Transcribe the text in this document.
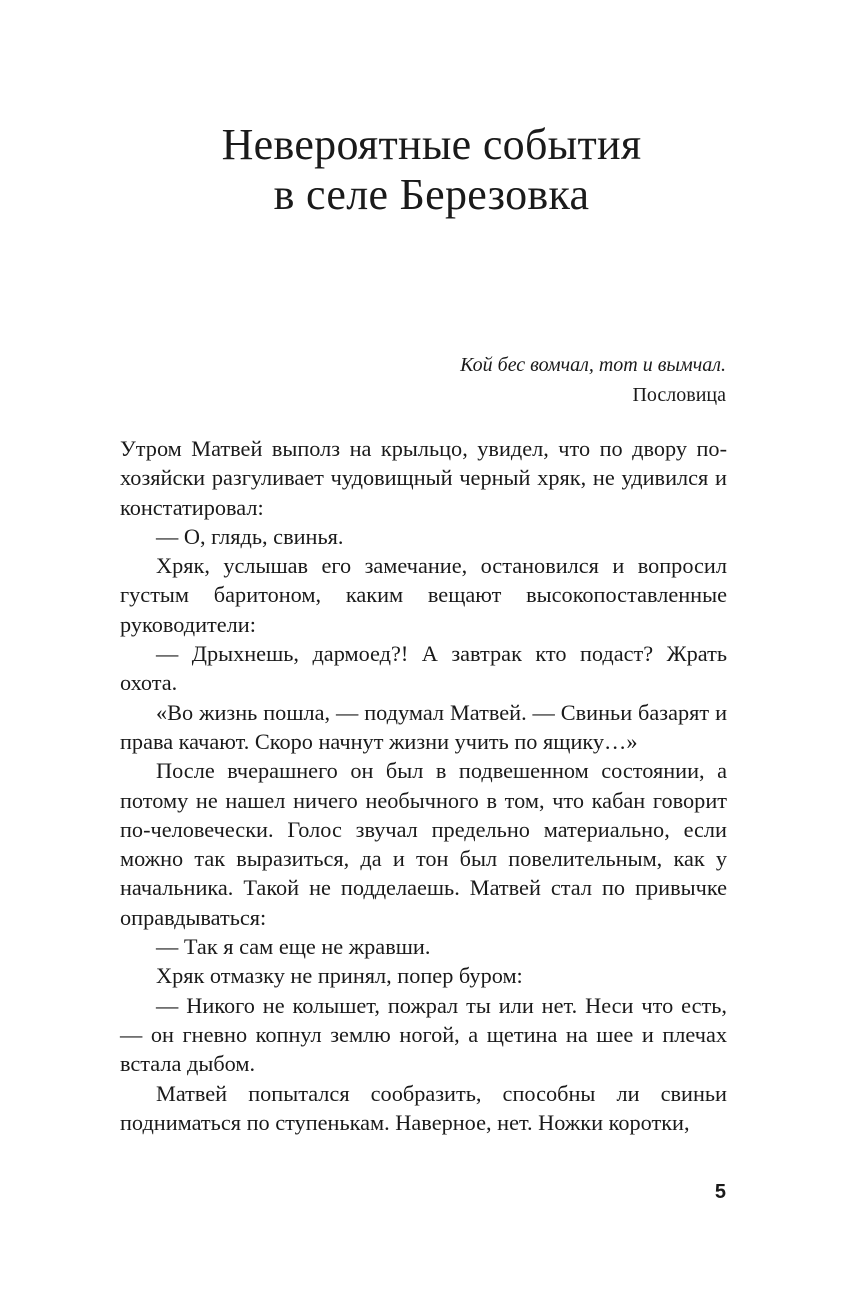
Невероятные события
в селе Березовка
Кой бес вомчал, тот и вымчал.
Пословица

Утром Матвей выполз на крыльцо, увидел, что по двору по-хозяйски разгуливает чудовищный черный хряк, не удивился и констатировал:

— О, глядь, свинья.

Хряк, услышав его замечание, остановился и вопросил густым баритоном, каким вещают высокопоставленные руководители:

— Дрыхнешь, дармоед?! А завтрак кто подаст? Жрать охота.

«Во жизнь пошла, — подумал Матвей. — Свиньи базарят и права качают. Скоро начнут жизни учить по ящику…»

После вчерашнего он был в подвешенном состоянии, а потому не нашел ничего необычного в том, что кабан говорит по-человечески. Голос звучал предельно материально, если можно так выразиться, да и тон был повелительным, как у начальника. Такой не подделаешь. Матвей стал по привычке оправдываться:

— Так я сам еще не жравши.

Хряк отмазку не принял, попер буром:

— Никого не колышет, пожрал ты или нет. Неси что есть, — он гневно копнул землю ногой, а щетина на шее и плечах встала дыбом.

Матвей попытался сообразить, способны ли свиньи подниматься по ступенькам. Наверное, нет. Ножки коротки,

5
